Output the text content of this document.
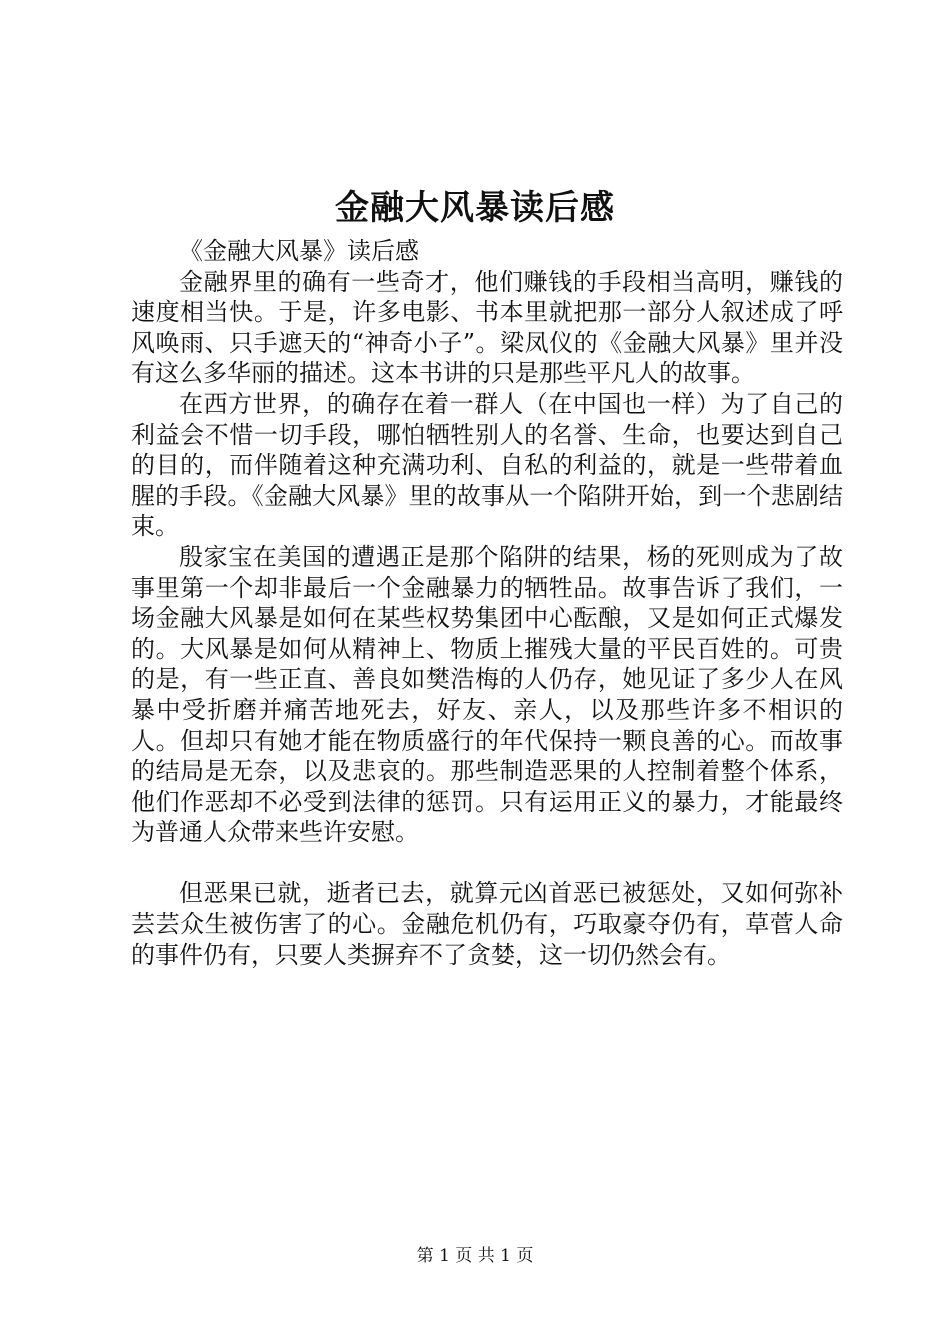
金融大风暴读后感

《金融大风暴》读后感

金融界里的确有一些奇才，他们赚钱的手段相当高明，赚钱的速度相当快。于是，许多电影、书本里就把那一部分人叙述成了呼风唤雨、只手遮天的“神奇小子”。梁凤仪的《金融大风暴》里并没有这么多华丽的描述。这本书讲的只是那些平凡人的故事。

在西方世界，的确存在着一群人（在中国也一样）为了自己的利益会不惜一切手段，哪怕牺牲别人的名誉、生命，也要达到自己的目的，而伴随着这种充满功利、自私的利益的，就是一些带着血腥的手段。《金融大风暴》里的故事从一个陷阱开始，到一个悲剧结束。

殷家宝在美国的遭遇正是那个陷阱的结果，杨的死则成为了故事里第一个却非最后一个金融暴力的牺牲品。故事告诉了我们，一场金融大风暴是如何在某些权势集团中心酝酿，又是如何正式爆发的。大风暴是如何从精神上、物质上摧残大量的平民百姓的。可贵的是，有一些正直、善良如樊浩梅的人仍存，她见证了多少人在风暴中受折磨并痛苦地死去，好友、亲人，以及那些许多不相识的人。但却只有她才能在物质盛行的年代保持一颗良善的心。而故事的结局是无奈，以及悲哀的。那些制造恶果的人控制着整个体系，他们作恶却不必受到法律的惩罚。只有运用正义的暴力，才能最终为普通人众带来些许安慰。

但恶果已就，逝者已去，就算元凶首恶已被惩处，又如何弥补芸芸众生被伤害了的心。金融危机仍有，巧取豪夺仍有，草菅人命的事件仍有，只要人类摒弃不了贪婪，这一切仍然会有。

第 1 页 共 1 页
